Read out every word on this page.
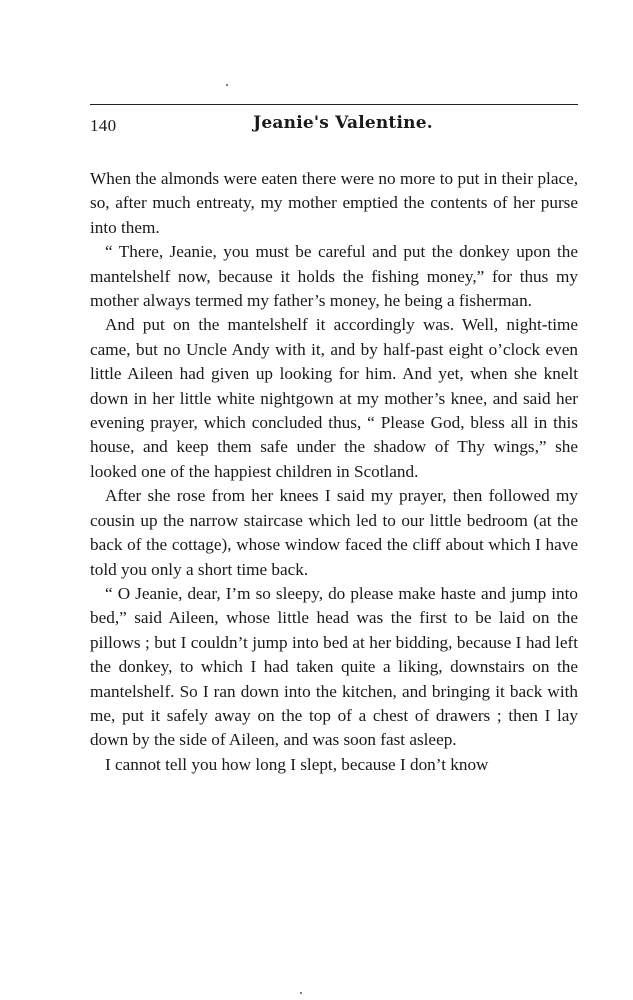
140	Jeanie's Valentine.

When the almonds were eaten there were no more to put in their place, so, after much entreaty, my mother emptied the contents of her purse into them.

“ There, Jeanie, you must be careful and put the donkey upon the mantelshelf now, because it holds the fishing money,” for thus my mother always termed my father’s money, he being a fisherman.

And put on the mantelshelf it accordingly was. Well, night-time came, but no Uncle Andy with it, and by half-past eight o’clock even little Aileen had given up looking for him. And yet, when she knelt down in her little white nightgown at my mother’s knee, and said her evening prayer, which concluded thus, “ Please God, bless all in this house, and keep them safe under the shadow of Thy wings,” she looked one of the happiest children in Scotland.

After she rose from her knees I said my prayer, then followed my cousin up the narrow staircase which led to our little bedroom (at the back of the cottage), whose window faced the cliff about which I have told you only a short time back.

“ O Jeanie, dear, I’m so sleepy, do please make haste and jump into bed,” said Aileen, whose little head was the first to be laid on the pillows ; but I couldn’t jump into bed at her bidding, because I had left the donkey, to which I had taken quite a liking, downstairs on the mantelshelf. So I ran down into the kitchen, and bringing it back with me, put it safely away on the top of a chest of drawers ; then I lay down by the side of Aileen, and was soon fast asleep.

I cannot tell you how long I slept, because I don’t know
